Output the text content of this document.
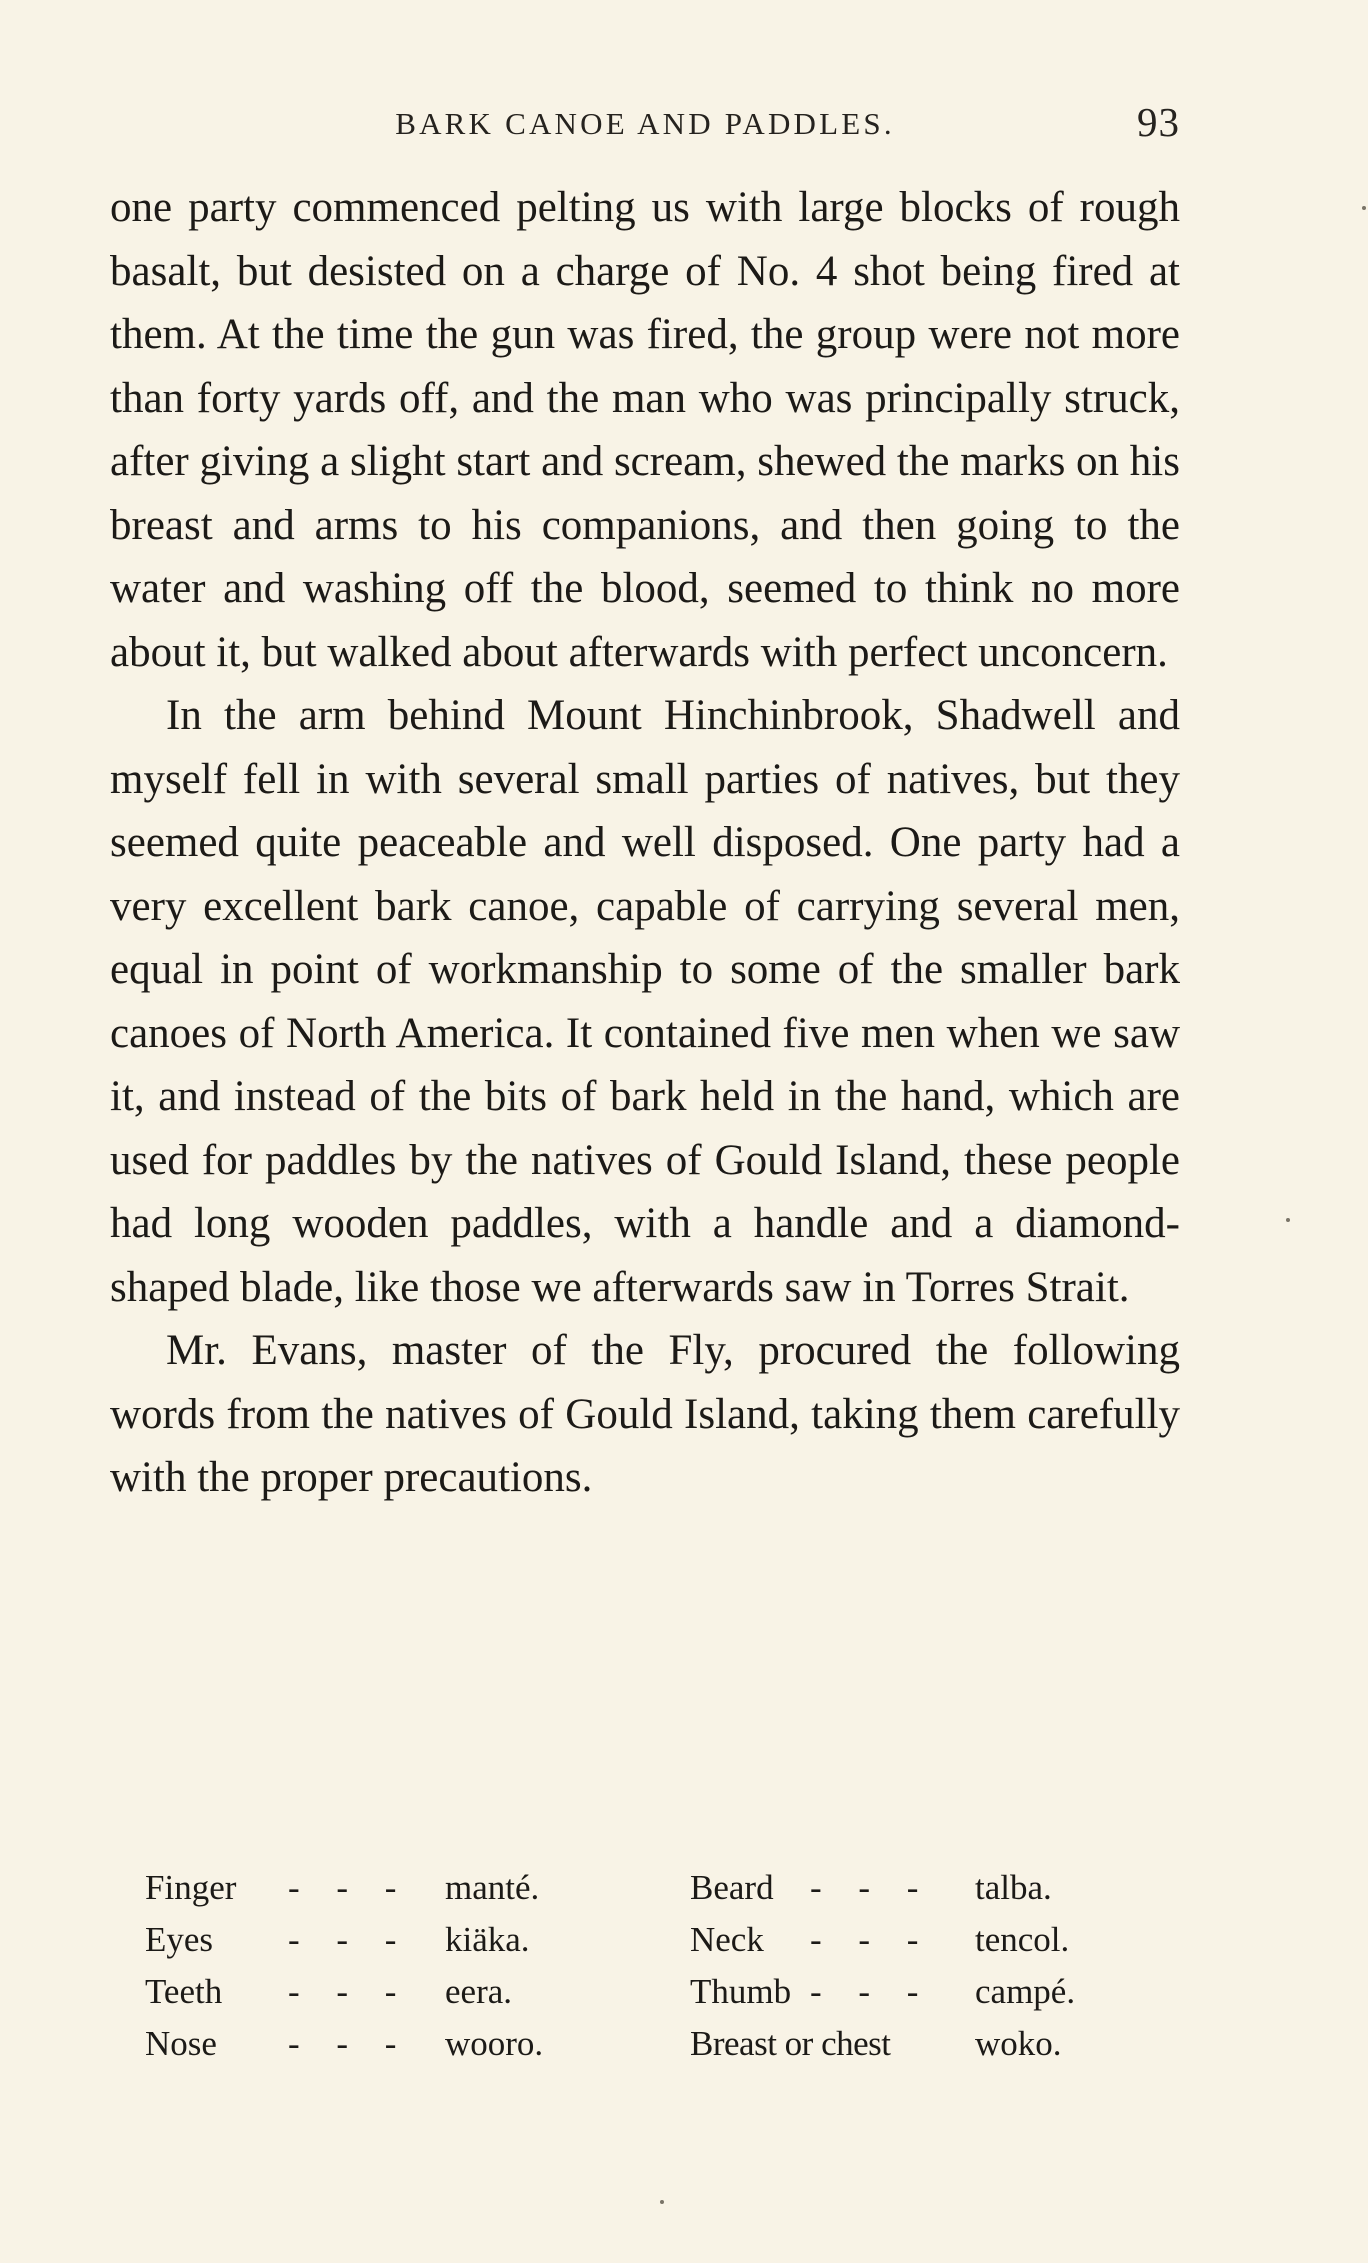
BARK CANOE AND PADDLES.	93

one party commenced pelting us with large blocks of rough basalt, but desisted on a charge of No. 4 shot being fired at them. At the time the gun was fired, the group were not more than forty yards off, and the man who was principally struck, after giving a slight start and scream, shewed the marks on his breast and arms to his companions, and then going to the water and washing off the blood, seemed to think no more about it, but walked about afterwards with perfect unconcern.

In the arm behind Mount Hinchinbrook, Shadwell and myself fell in with several small parties of natives, but they seemed quite peaceable and well disposed. One party had a very excellent bark canoe, capable of carrying several men, equal in point of workmanship to some of the smaller bark canoes of North America. It contained five men when we saw it, and instead of the bits of bark held in the hand, which are used for paddles by the natives of Gould Island, these people had long wooden paddles, with a handle and a diamond-shaped blade, like those we afterwards saw in Torres Strait.

Mr. Evans, master of the Fly, procured the following words from the natives of Gould Island, taking them carefully with the proper precautions.

Finger - - - manté.	Beard - - - talba.
Eyes - - - kiäka.	Neck - - - tencol.
Teeth - - - eera.	Thumb - - - campé.
Nose - - - wooro.	Breast or chest woko.
